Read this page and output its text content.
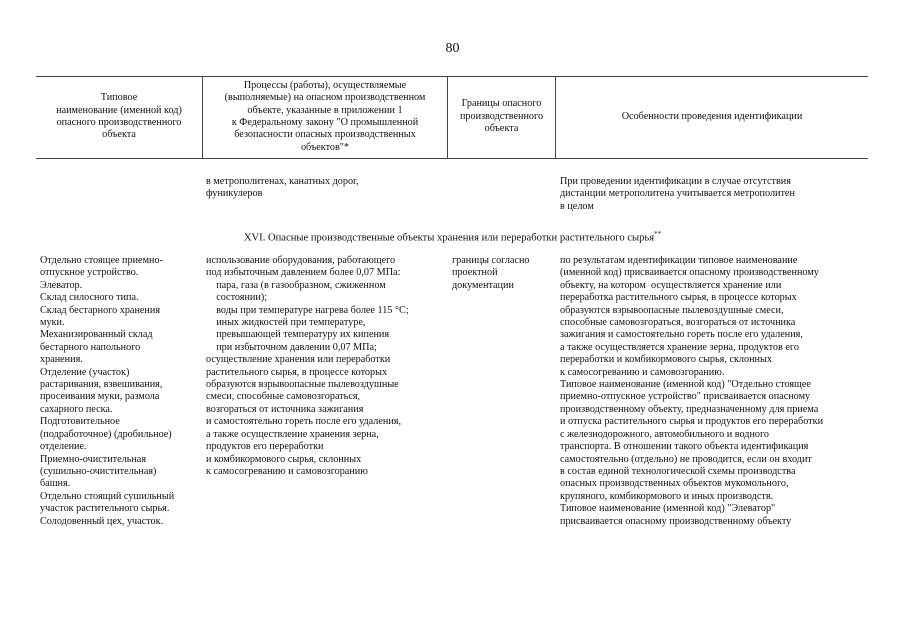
80
Типовое
наименование (именной код)
опасного производственного
объекта
Процессы (работы), осуществляемые
(выполняемые) на опасном производственном
объекте, указанные в приложении 1
к Федеральному закону "О промышленной
безопасности опасных производственных
объектов"*
Границы опасного
производственного
объекта
Особенности проведения идентификации
в метрополитенах, канатных дорог,
фуникулеров
При проведении идентификации в случае отсутствия
дистанции метрополитена учитывается метрополитен
в целом
XVI. Опасные производственные объекты хранения или переработки растительного сырья**
Отдельно стоящее приемно-
отпускное устройство.
Элеватор.
Склад силосного типа.
Склад бестарного хранения
муки.
Механизированный склад
бестарного напольного
хранения.
Отделение (участок)
растаривания, взвешивания,
просеивания муки, размола
сахарного песка.
Подготовительное
(подработочное) (дробильное)
отделение.
Приемно-очистительная
(сушильно-очистительная)
башня.
Отдельно стоящий сушильный
участок растительного сырья.
Солодовенный цех, участок.
использование оборудования, работающего
под избыточным давлением более 0,07 МПа:
пара, газа (в газообразном, сжиженном
состоянии);
воды при температуре нагрева более 115 °C;
иных жидкостей при температуре,
превышающей температуру их кипения
при избыточном давлении 0,07 МПа;
осуществление хранения или переработки
растительного сырья, в процессе которых
образуются взрывоопасные пылевоздушные
смеси, способные самовозгораться,
возгораться от источника зажигания
и самостоятельно гореть после его удаления,
а также осуществление хранения зерна,
продуктов его переработки
и комбикормового сырья, склонных
к самосогреванию и самовозгоранию
границы согласно
проектной
документации
по результатам идентификации типовое наименование
(именной код) присваивается опасному производственному
объекту, на котором  осуществляется хранение или
переработка растительного сырья, в процессе которых
образуются взрывоопасные пылевоздушные смеси,
способные самовозгораться, возгораться от источника
зажигания и самостоятельно гореть после его удаления,
а также осуществляется хранение зерна, продуктов его
переработки и комбикормового сырья, склонных
к самосогреванию и самовозгоранию.
Типовое наименование (именной код) "Отдельно стоящее
приемно-отпускное устройство" присваивается опасному
производственному объекту, предназначенному для приема
и отпуска растительного сырья и продуктов его переработки
с железнодорожного, автомобильного и водного
транспорта. В отношении такого объекта идентификация
самостоятельно (отдельно) не проводится, если он входит
в состав единой технологической схемы производства
опасных производственных объектов мукомольного,
крупяного, комбикормового и иных производств.
Типовое наименование (именной код) "Элеватор"
присваивается опасному производственному объекту
